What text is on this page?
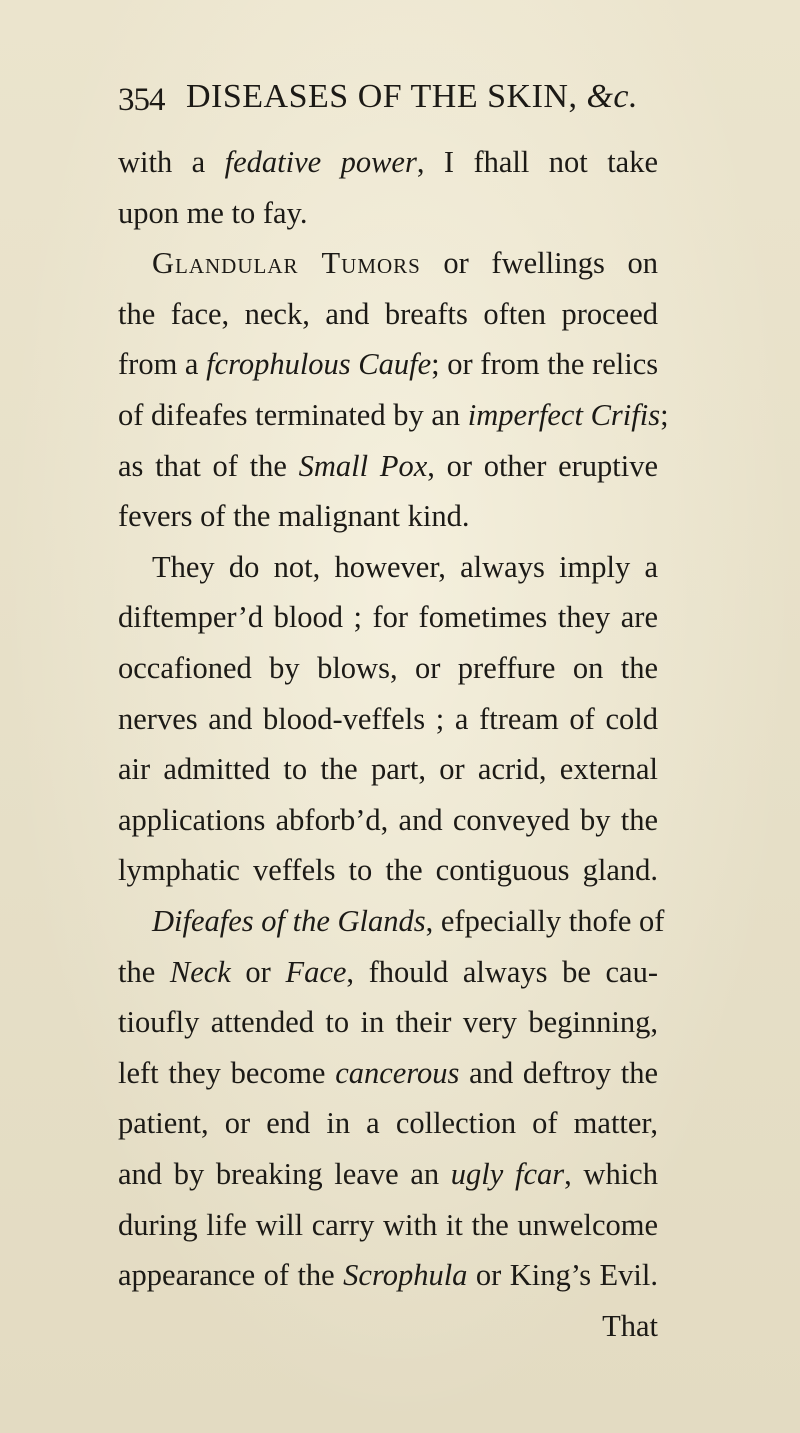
354 DISEASES OF THE SKIN, &c.
with a fedative power, I fhall not take
upon me to fay.
Glandular Tumors or fwellings on
the face, neck, and breafts often proceed
from a fcrophulous Caufe; or from the relics
of difeafes terminated by an imperfect Crifis;
as that of the Small Pox, or other eruptive
fevers of the malignant kind.
They do not, however, always imply a
diftemper’d blood ; for fometimes they are
occafioned by blows, or preffure on the
nerves and blood-veffels ; a ftream of cold
air admitted to the part, or acrid, external
applications abforb’d, and conveyed by the
lymphatic veffels to the contiguous gland.
Difeafes of the Glands, efpecially thofe of
the Neck or Face, fhould always be cau-
tioufly attended to in their very beginning,
left they become cancerous and deftroy the
patient, or end in a collection of matter,
and by breaking leave an ugly fcar, which
during life will carry with it the unwelcome
appearance of the Scrophula or King’s Evil.
That
